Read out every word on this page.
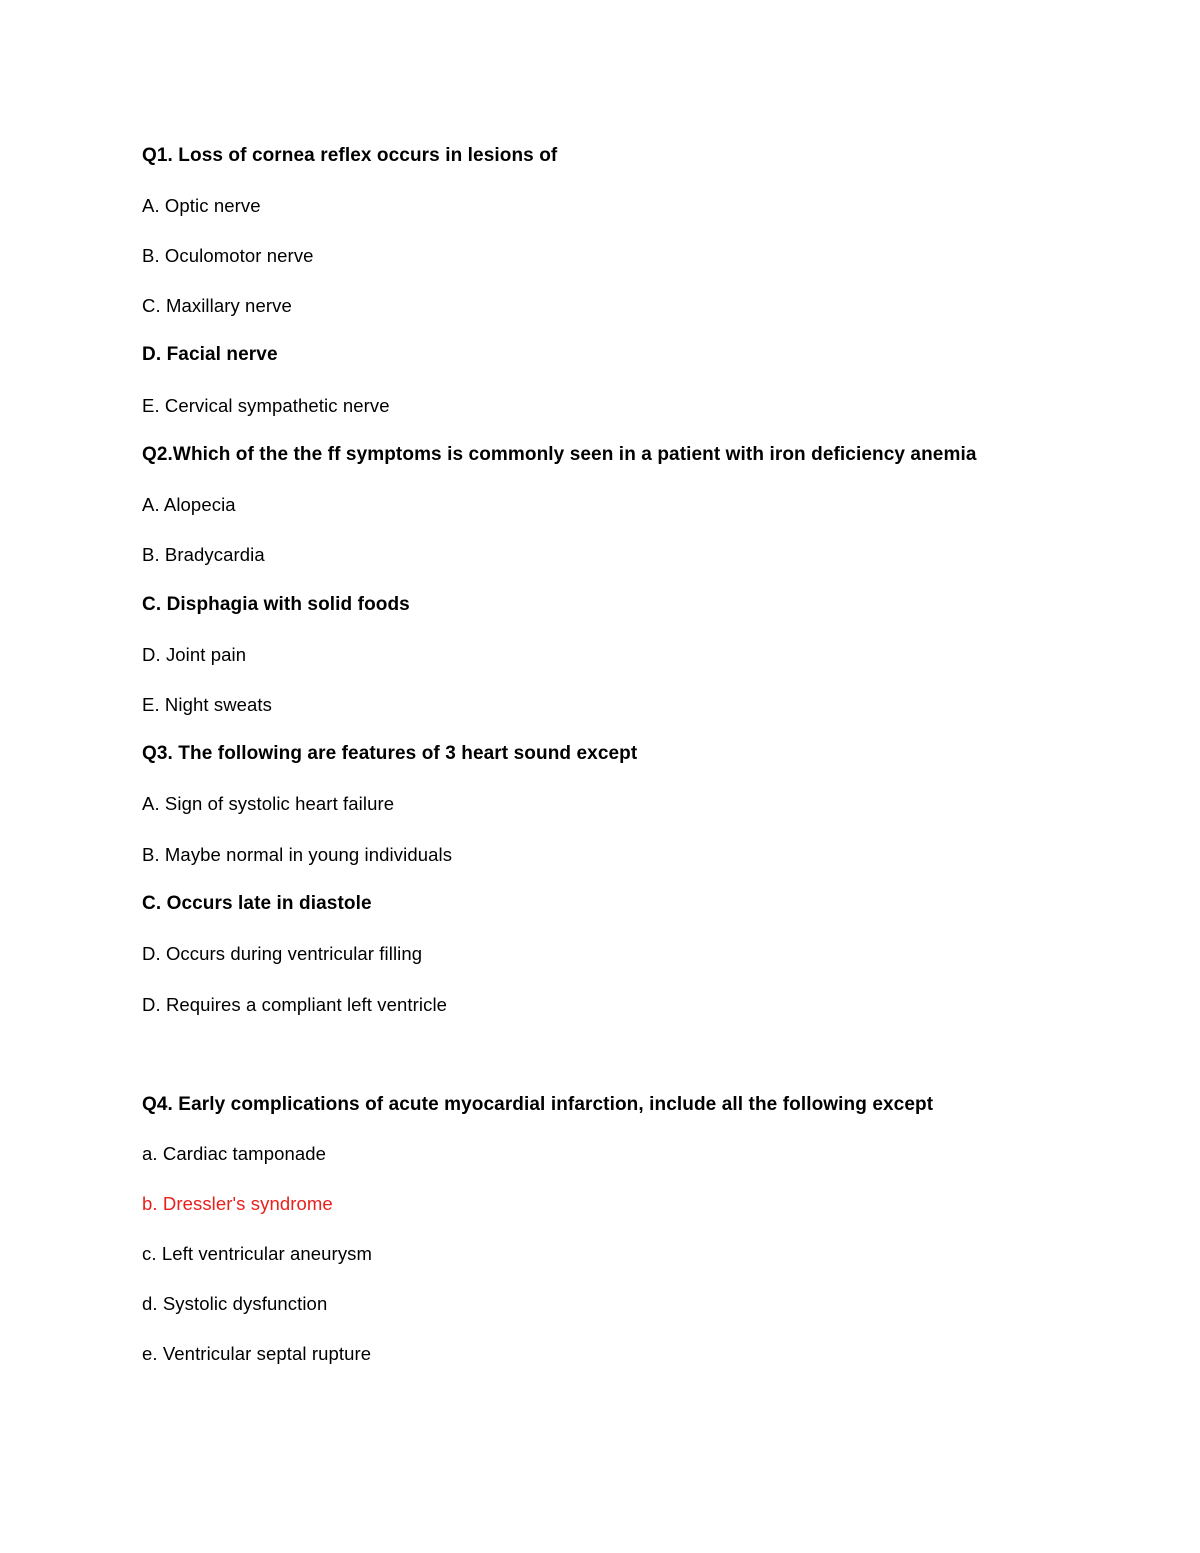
Q1. Loss of cornea reflex occurs in lesions of
A. Optic nerve
B. Oculomotor nerve
C. Maxillary nerve
D. Facial nerve
E. Cervical sympathetic nerve
Q2.Which of the the ff symptoms is commonly seen in a patient with iron deficiency anemia
A. Alopecia
B. Bradycardia
C. Disphagia with solid foods
D. Joint pain
E. Night sweats
Q3. The following are features of 3 heart sound except
A. Sign of systolic heart failure
B. Maybe normal in young individuals
C. Occurs late in diastole
D. Occurs during ventricular filling
D. Requires a compliant left ventricle
Q4. Early complications of acute myocardial infarction, include all the following except
a. Cardiac tamponade
b. Dressler's syndrome
c. Left ventricular aneurysm
d. Systolic dysfunction
e. Ventricular septal rupture
